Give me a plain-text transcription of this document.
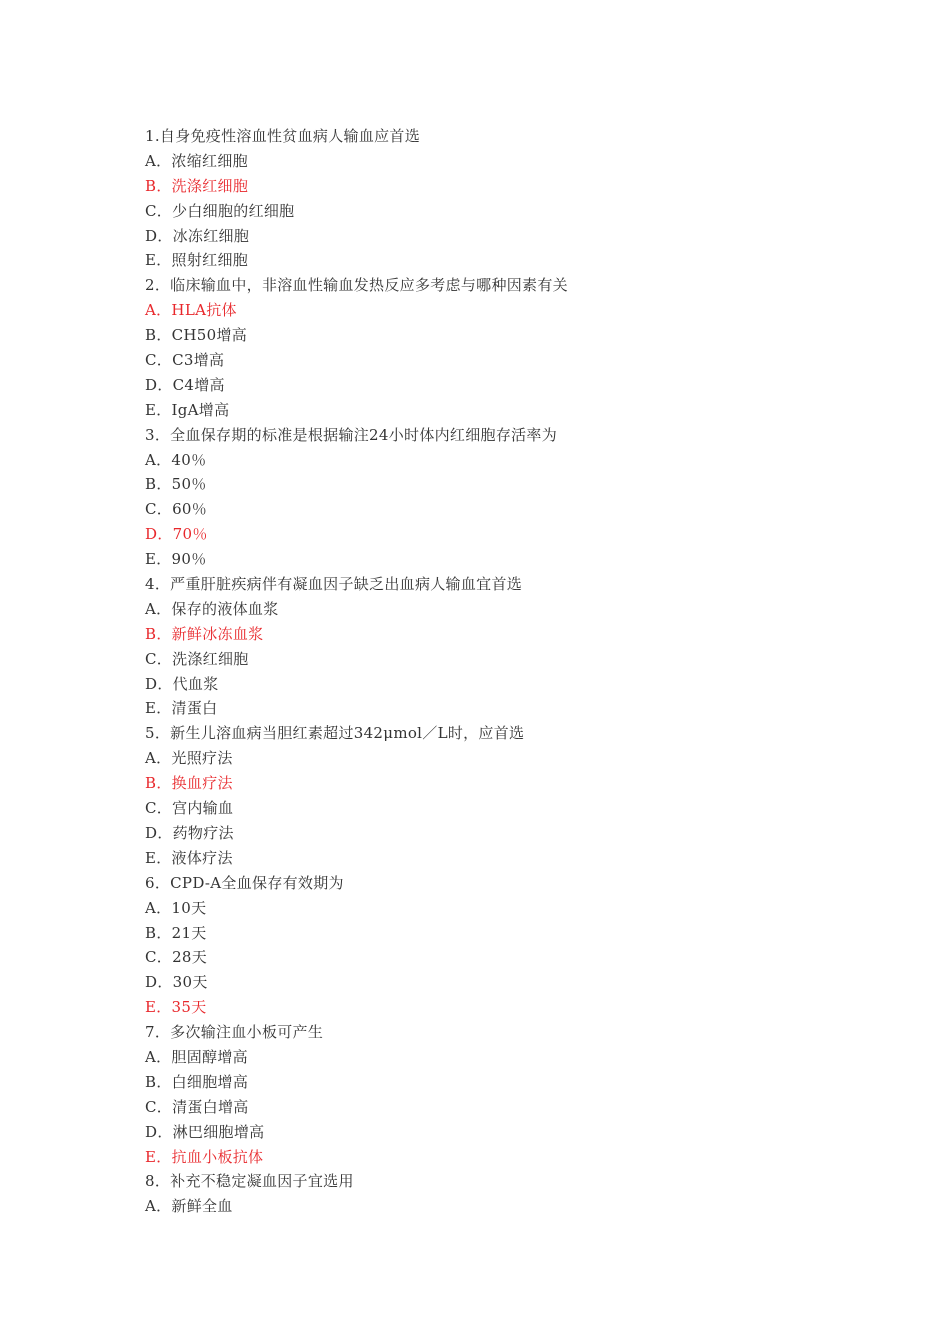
1.自身免疫性溶血性贫血病人输血应首选
A．浓缩红细胞
B．洗涤红细胞
C．少白细胞的红细胞
D．冰冻红细胞
E．照射红细胞
2．临床输血中，非溶血性输血发热反应多考虑与哪种因素有关
A．HLA抗体
B．CH50增高
C．C3增高
D．C4增高
E．IgA增高
3．全血保存期的标准是根据输注24小时体内红细胞存活率为
A．40％
B．50％
C．60％
D．70％
E．90％
4．严重肝脏疾病伴有凝血因子缺乏出血病人输血宜首选
A．保存的液体血浆
B．新鲜冰冻血浆
C．洗涤红细胞
D．代血浆
E．清蛋白
5．新生儿溶血病当胆红素超过342μmol／L时，应首选
A．光照疗法
B．换血疗法
C．宫内输血
D．药物疗法
E．液体疗法
6．CPD-A全血保存有效期为
A．10天
B．21天
C．28天
D．30天
E．35天
7．多次输注血小板可产生
A．胆固醇增高
B．白细胞增高
C．清蛋白增高
D．淋巴细胞增高
E．抗血小板抗体
8．补充不稳定凝血因子宜选用
A．新鲜全血
